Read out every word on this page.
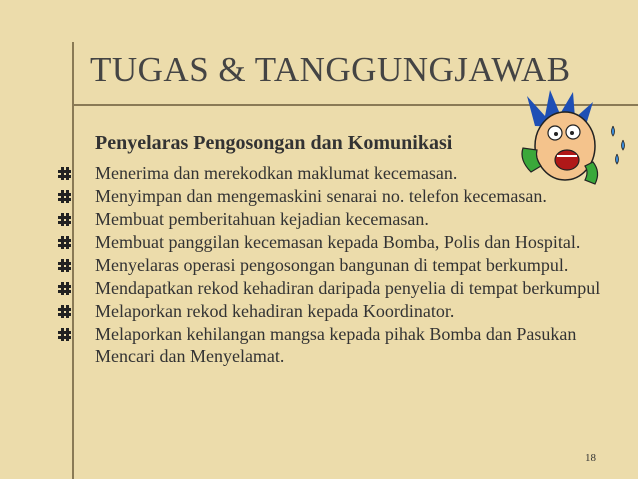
TUGAS & TANGGUNGJAWAB
Penyelaras Pengosongan dan Komunikasi
Menerima dan merekodkan maklumat kecemasan.
Menyimpan dan mengemaskini senarai no. telefon kecemasan.
Membuat pemberitahuan kejadian kecemasan.
Membuat panggilan kecemasan kepada Bomba, Polis dan Hospital.
Menyelaras operasi pengosongan bangunan di tempat berkumpul.
Mendapatkan rekod kehadiran daripada penyelia di tempat berkumpul
Melaporkan rekod kehadiran kepada Koordinator.
Melaporkan kehilangan mangsa kepada pihak Bomba dan Pasukan Mencari dan Menyelamat.
18
